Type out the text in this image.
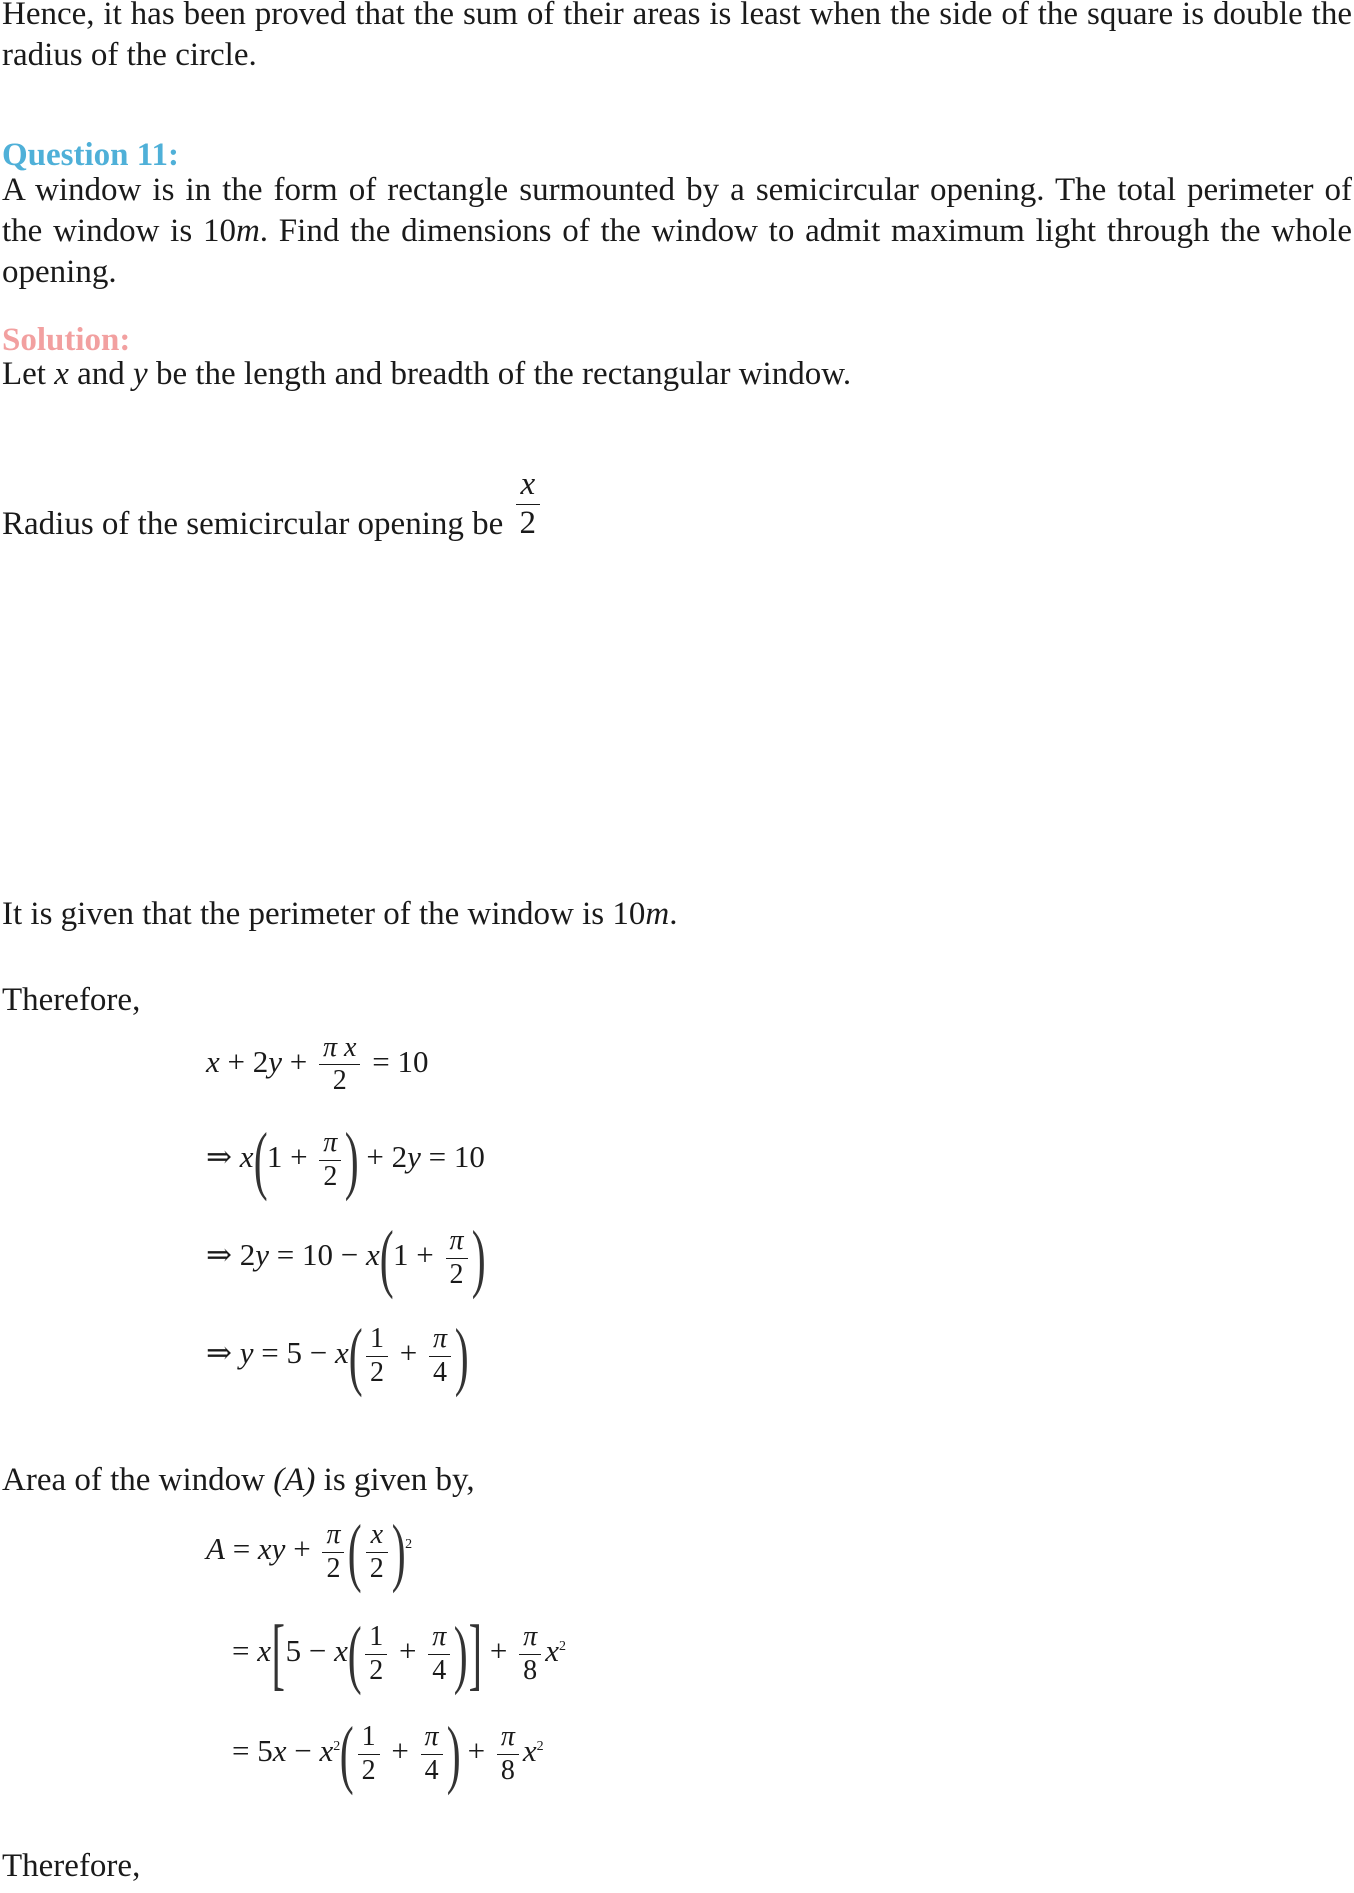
Hence, it has been proved that the sum of their areas is least when the side of the square is double the radius of the circle.

Question 11:

A window is in the form of rectangle surmounted by a semicircular opening. The total perimeter of the window is 10m. Find the dimensions of the window to admit maximum light through the whole opening.

Solution:

Let x and y be the length and breadth of the rectangular window.

Radius of the semicircular opening be $\frac{x}{2}$

It is given that the perimeter of the window is 10m.

Therefore,

$x + 2y + \frac{\text{π x}}{2} = 10$
⇒ $x(1 + \frac{\pi}{2}$ ) + 2y = 10
⇒ $2y = 10 - x(1 + \frac{\pi}{2}$ )
⇒ $y = 5 - x( \frac{1}{2} + \frac{\pi}{4}$ )

Area of the window (A) is given by,

A = xy + $\frac{\pi}{2}$ ( $\frac{x}{2} )^2$
= $x[5 - x( \frac{1}{2} + \frac{\pi}{4}$ )] + $\frac{\pi}{8} x^2$
= $5x - x^2( \frac{1}{2} + \frac{\pi}{4}$ ) + $\frac{\pi}{8} x^2$

Therefore,
